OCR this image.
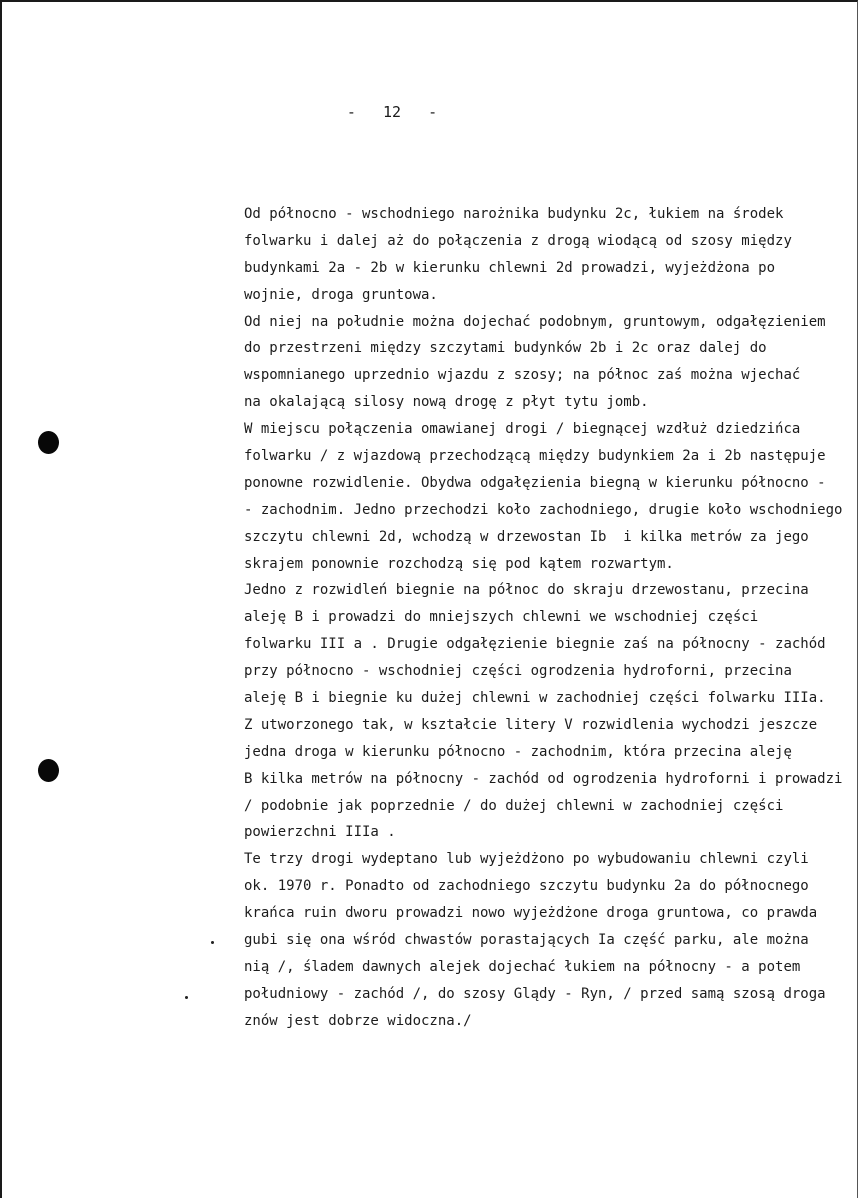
-   12   -
Od północno - wschodniego narożnika budynku 2c, łukiem na środek
folwarku i dalej aż do połączenia z drogą wiodącą od szosy między
budynkami 2a - 2b w kierunku chlewni 2d prowadzi, wyjeżdżona po
wojnie, droga gruntowa.
Od niej na południe można dojechać podobnym, gruntowym, odgałęzieniem
do przestrzeni między szczytami budynków 2b i 2c oraz dalej do
wspomnianego uprzednio wjazdu z szosy; na północ zaś można wjechać
na okalającą silosy nową drogę z płyt tytu jomb.
W miejscu połączenia omawianej drogi / biegnącej wzdłuż dziedzińca
folwarku / z wjazdową przechodzącą między budynkiem 2a i 2b następuje
ponowne rozwidlenie. Obydwa odgałęzienia biegną w kierunku północno -
- zachodnim. Jedno przechodzi koło zachodniego, drugie koło wschodniego
szczytu chlewni 2d, wchodzą w drzewostan Ib  i kilka metrów za jego
skrajem ponownie rozchodzą się pod kątem rozwartym.
Jedno z rozwidleń biegnie na północ do skraju drzewostanu, przecina
aleję B i prowadzi do mniejszych chlewni we wschodniej części
folwarku III a . Drugie odgałęzienie biegnie zaś na północny - zachód
przy północno - wschodniej części ogrodzenia hydroforni, przecina
aleję B i biegnie ku dużej chlewni w zachodniej części folwarku IIIa.
Z utworzonego tak, w kształcie litery V rozwidlenia wychodzi jeszcze
jedna droga w kierunku północno - zachodnim, która przecina aleję
B kilka metrów na północny - zachód od ogrodzenia hydroforni i prowadzi
/ podobnie jak poprzednie / do dużej chlewni w zachodniej części
powierzchni IIIa .
Te trzy drogi wydeptano lub wyjeżdżono po wybudowaniu chlewni czyli
ok. 1970 r. Ponadto od zachodniego szczytu budynku 2a do północnego
krańca ruin dworu prowadzi nowo wyjeżdżone droga gruntowa, co prawda
gubi się ona wśród chwastów porastających Ia część parku, ale można
nią /, śladem dawnych alejek dojechać łukiem na północny - a potem
południowy - zachód /, do szosy Glądy - Ryn, / przed samą szosą droga
znów jest dobrze widoczna./
